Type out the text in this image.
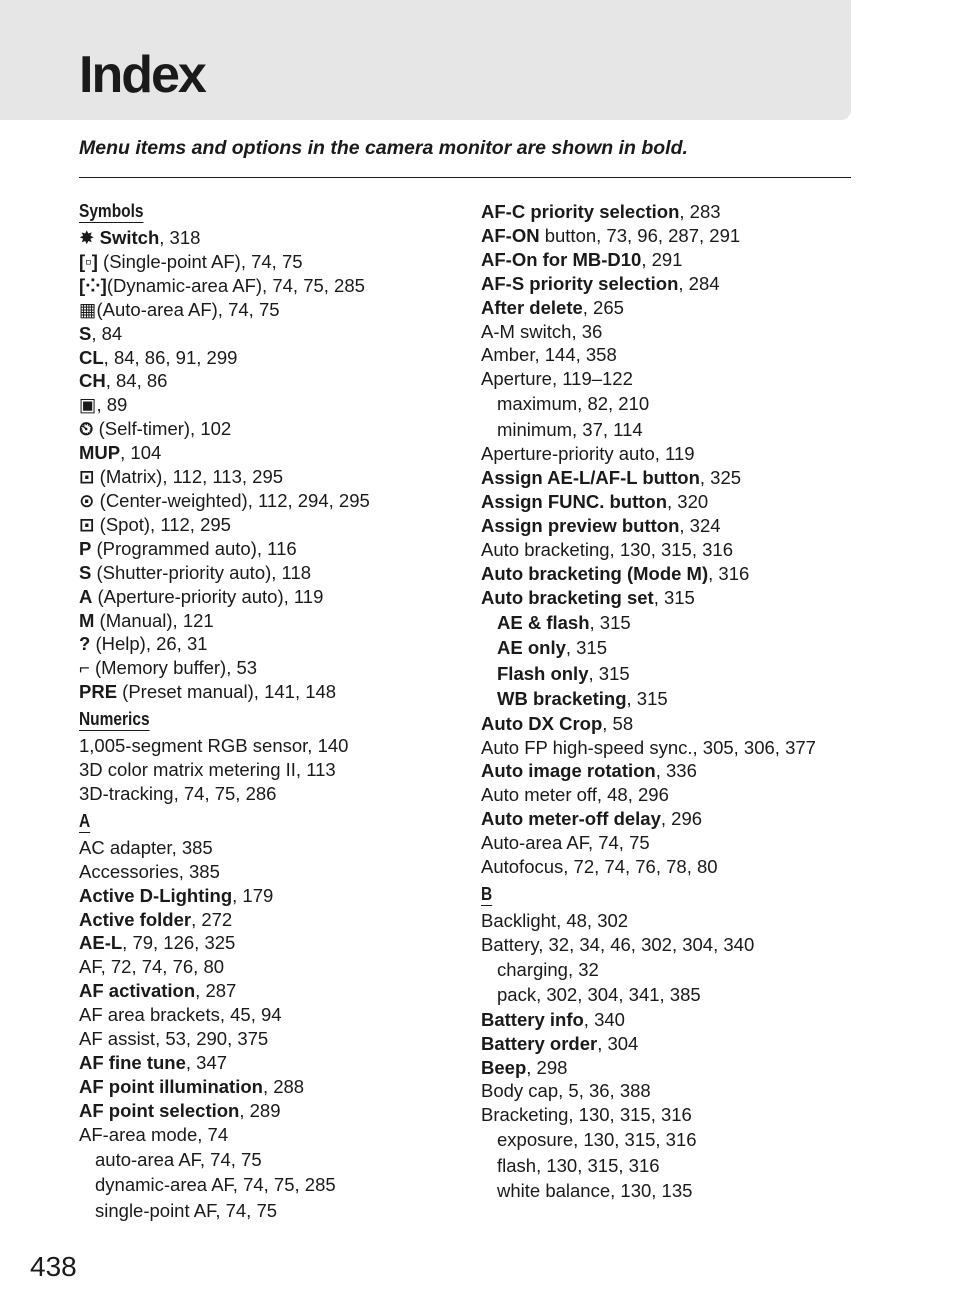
Index

Menu items and options in the camera monitor are shown in bold.

Symbols
✸ Switch, 318
[▫] (Single-point AF), 74, 75
[⁘](Dynamic-area AF), 74, 75, 285
▦(Auto-area AF), 74, 75
S, 84
CL, 84, 86, 91, 299
CH, 84, 86
▣, 89
⏲ (Self-timer), 102
MUP, 104
⊡ (Matrix), 112, 113, 295
⊙ (Center-weighted), 112, 294, 295
⊡ (Spot), 112, 295
P (Programmed auto), 116
S (Shutter-priority auto), 118
A (Aperture-priority auto), 119
M (Manual), 121
? (Help), 26, 31
⌐ (Memory buffer), 53
PRE (Preset manual), 141, 148
Numerics
1,005-segment RGB sensor, 140
3D color matrix metering II, 113
3D-tracking, 74, 75, 286
A
AC adapter, 385
Accessories, 385
Active D-Lighting, 179
Active folder, 272
AE-L, 79, 126, 325
AF, 72, 74, 76, 80
AF activation, 287
AF area brackets, 45, 94
AF assist, 53, 290, 375
AF fine tune, 347
AF point illumination, 288
AF point selection, 289
AF-area mode, 74
auto-area AF, 74, 75
dynamic-area AF, 74, 75, 285
single-point AF, 74, 75
AF-C priority selection, 283
AF-ON button, 73, 96, 287, 291
AF-On for MB-D10, 291
AF-S priority selection, 284
After delete, 265
A-M switch, 36
Amber, 144, 358
Aperture, 119–122
maximum, 82, 210
minimum, 37, 114
Aperture-priority auto, 119
Assign AE-L/AF-L button, 325
Assign FUNC. button, 320
Assign preview button, 324
Auto bracketing, 130, 315, 316
Auto bracketing (Mode M), 316
Auto bracketing set, 315
AE & flash, 315
AE only, 315
Flash only, 315
WB bracketing, 315
Auto DX Crop, 58
Auto FP high-speed sync., 305, 306, 377
Auto image rotation, 336
Auto meter off, 48, 296
Auto meter-off delay, 296
Auto-area AF, 74, 75
Autofocus, 72, 74, 76, 78, 80
B
Backlight, 48, 302
Battery, 32, 34, 46, 302, 304, 340
charging, 32
pack, 302, 304, 341, 385
Battery info, 340
Battery order, 304
Beep, 298
Body cap, 5, 36, 388
Bracketing, 130, 315, 316
exposure, 130, 315, 316
flash, 130, 315, 316
white balance, 130, 135

438
